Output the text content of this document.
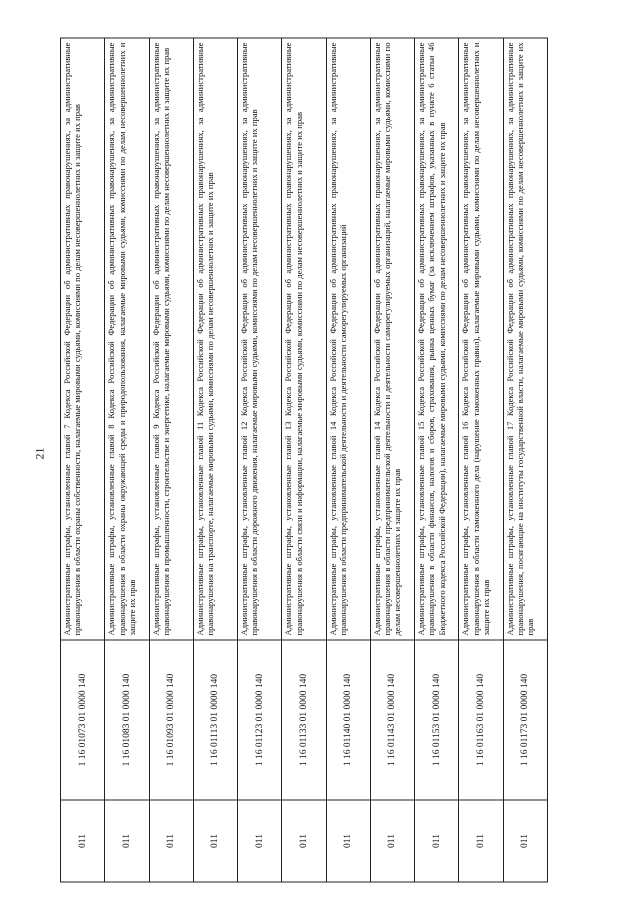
21
011
1 16 01073 01 0000 140
Административные штрафы, установленные главой 7 Кодекса Российской Федерации об административных правонарушениях, за административные правонарушения в области охраны собственности, налагаемые мировыми судьями, комиссиями по делам несовершеннолетних и защите их прав
011
1 16 01083 01 0000 140
Административные штрафы, установленные главой 8 Кодекса Российской Федерации об административных правонарушениях, за административные правонарушения в области охраны окружающей среды и природопользования, налагаемые мировыми судьями, комиссиями по делам несовершеннолетних и защите их прав
011
1 16 01093 01 0000 140
Административные штрафы, установленные главой 9 Кодекса Российской Федерации об административных правонарушениях, за административные правонарушения в промышленности, строительстве и энергетике, налагаемые мировыми судьями, комиссиями по делам несовершеннолетних и защите их прав
011
1 16 01113 01 0000 140
Административные штрафы, установленные главой 11 Кодекса Российской Федерации об административных правонарушениях, за административные правонарушения на транспорте, налагаемые мировыми судьями, комиссиями по делам несовершеннолетних и защите их прав
011
1 16 01123 01 0000 140
Административные штрафы, установленные главой 12 Кодекса Российской Федерации об административных правонарушениях, за административные правонарушения в области дорожного движения, налагаемые мировыми судьями, комиссиями по делам несовершеннолетних и защите их прав
011
1 16 01133 01 0000 140
Административные штрафы, установленные главой 13 Кодекса Российской Федерации об административных правонарушениях, за административные правонарушения в области связи и информации, налагаемые мировыми судьями, комиссиями по делам несовершеннолетних и защите их прав
011
1 16 01140 01 0000 140
Административные штрафы, установленные главой 14 Кодекса Российской Федерации об административных правонарушениях, за административные правонарушения в области предпринимательской деятельности и деятельности саморегулируемых организаций
011
1 16 01143 01 0000 140
Административные штрафы, установленные главой 14 Кодекса Российской Федерации об административных правонарушениях, за административные правонарушения в области предпринимательской деятельности и деятельности саморегулируемых организаций, налагаемые мировыми судьями, комиссиями по делам несовершеннолетних и защите их прав
011
1 16 01153 01 0000 140
Административные штрафы, установленные главой 15 Кодекса Российской Федерации об административных правонарушениях, за административные правонарушения в области финансов, налогов и сборов, страхования, рынка ценных бумаг (за исключением штрафов, указанных в пункте 6 статьи 46 Бюджетного кодекса Российской Федерации), налагаемые мировыми судьями, комиссиями по делам несовершеннолетних и защите их прав
011
1 16 01163 01 0000 140
Административные штрафы, установленные главой 16 Кодекса Российской Федерации об административных правонарушениях, за административные правонарушения в области таможенного дела (нарушение таможенных правил), налагаемые мировыми судьями, комиссиями по делам несовершеннолетних и защите их прав
011
1 16 01173 01 0000 140
Административные штрафы, установленные главой 17 Кодекса Российской Федерации об административных правонарушениях, за административные правонарушения, посягающие на институты государственной власти, налагаемые мировыми судьями, комиссиями по делам несовершеннолетних и защите их прав
